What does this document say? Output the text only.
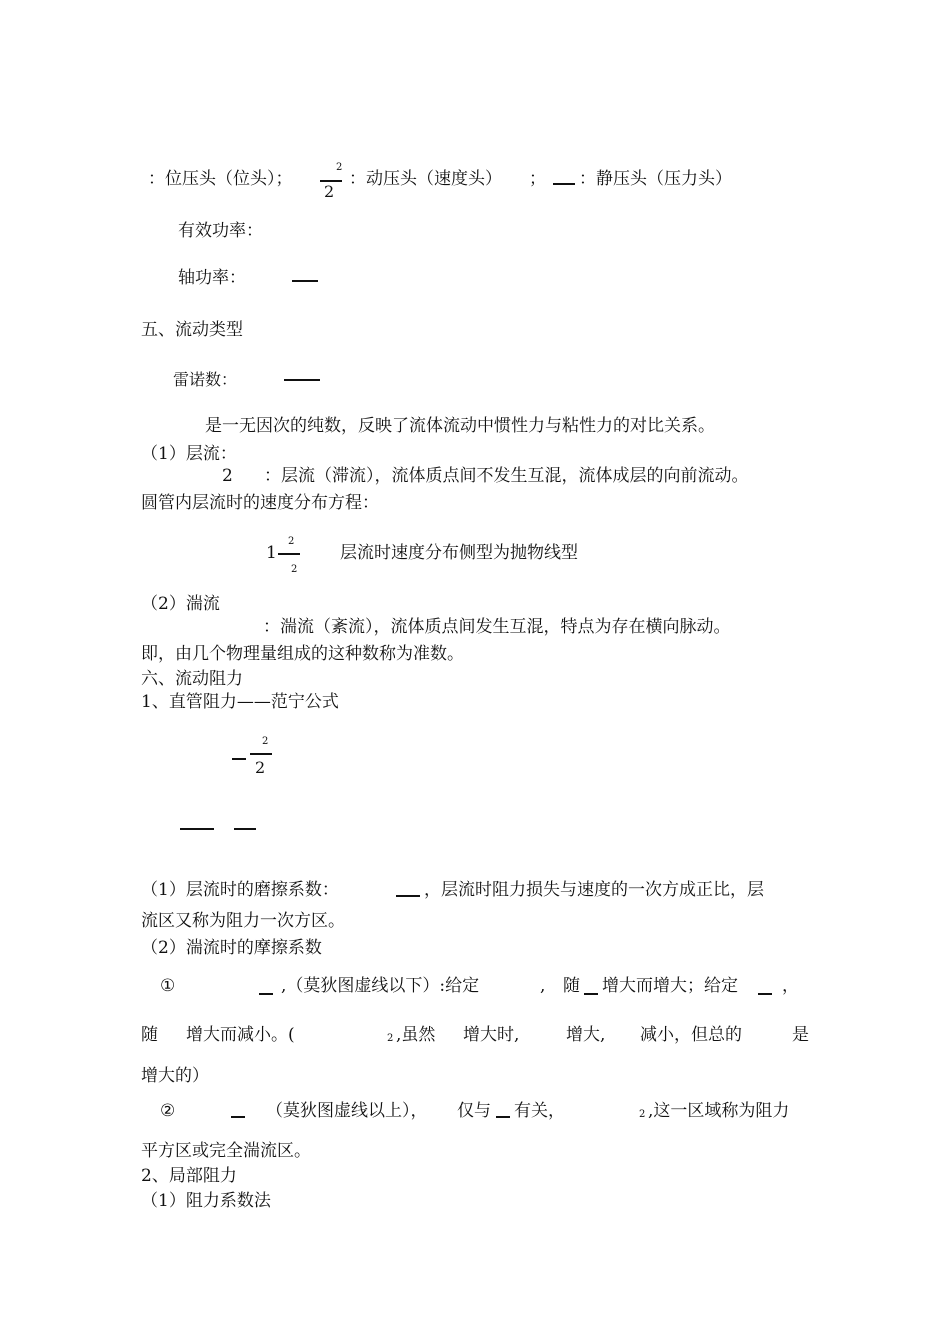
：位压头（位头）；
2
2
：动压头（速度头） ； ：静压头（压力头）
有效功率：
轴功率：
五、流动类型
雷诺数：
是一无因次的纯数，反映了流体流动中惯性力与粘性力的对比关系。
（1）层流：
2 ：层流（滞流），流体质点间不发生互混，流体成层的向前流动。
圆管内层流时的速度分布方程：
1
2
2
层流时速度分布侧型为抛物线型
（2）湍流
：湍流（紊流），流体质点间发生互混，特点为存在横向脉动。
即，由几个物理量组成的这种数称为准数。
六、流动阻力
1、直管阻力——范宁公式
2
2
（1）层流时的磨擦系数：	，层流时阻力损失与速度的一次方成正比，层
流区又称为阻力一次方区。
（2）湍流时的摩擦系数
①	,（莫狄图虚线以下）:给定	, 随 增大而增大；给定	，
随 增大而减小。(	2 ,虽然 增大时,	增大, 减小，但总的	是
增大的）
②	（莫狄图虚线以上）， 仅与 有关，	2 ,这一区域称为阻力
平方区或完全湍流区。
2、局部阻力
（1）阻力系数法
